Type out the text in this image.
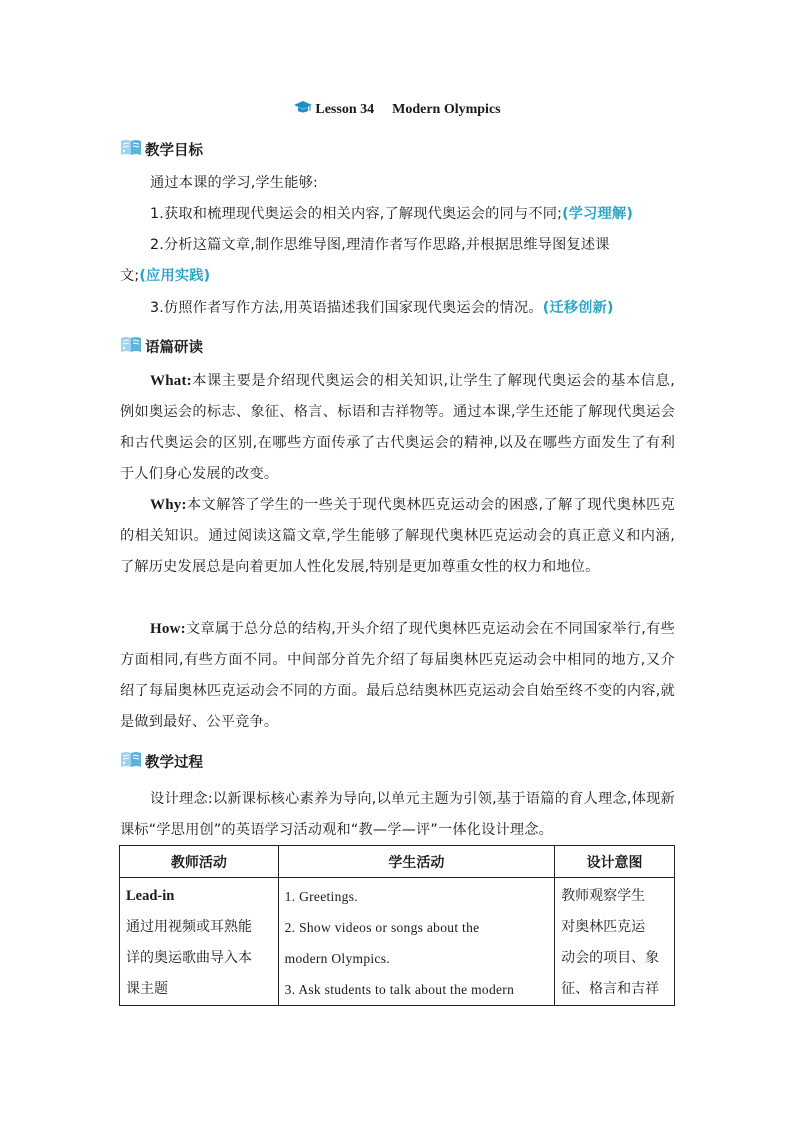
Lesson 34 Modern Olympics
教学目标
通过本课的学习,学生能够:
1.获取和梳理现代奥运会的相关内容,了解现代奥运会的同与不同;(学习理解)
2.分析这篇文章,制作思维导图,理清作者写作思路,并根据思维导图复述课
文;(应用实践)
3.仿照作者写作方法,用英语描述我们国家现代奥运会的情况。(迁移创新)
语篇研读
What:本课主要是介绍现代奥运会的相关知识,让学生了解现代奥运会的基本信息,例如奥运会的标志、象征、格言、标语和吉祥物等。通过本课,学生还能了解现代奥运会和古代奥运会的区别,在哪些方面传承了古代奥运会的精神,以及在哪些方面发生了有利于人们身心发展的改变。
Why:本文解答了学生的一些关于现代奥林匹克运动会的困惑,了解了现代奥林匹克的相关知识。通过阅读这篇文章,学生能够了解现代奥林匹克运动会的真正意义和内涵,了解历史发展总是向着更加人性化发展,特别是更加尊重女性的权力和地位。
How:文章属于总分总的结构,开头介绍了现代奥林匹克运动会在不同国家举行,有些方面相同,有些方面不同。中间部分首先介绍了每届奥林匹克运动会中相同的地方,又介绍了每届奥林匹克运动会不同的方面。最后总结奥林匹克运动会自始至终不变的内容,就是做到最好、公平竞争。
教学过程
设计理念:以新课标核心素养为导向,以单元主题为引领,基于语篇的育人理念,体现新课标“学思用创”的英语学习活动观和“教—学—评”一体化设计理念。
教师活动	学生活动	设计意图

Lead-in
通过用视频或耳熟能
详的奥运歌曲导入本
课主题	1. Greetings.
2. Show videos or songs about the
modern Olympics.
3. Ask students to talk about the modern	教师观察学生
对奥林匹克运
动会的项目、象
征、格言和吉祥
